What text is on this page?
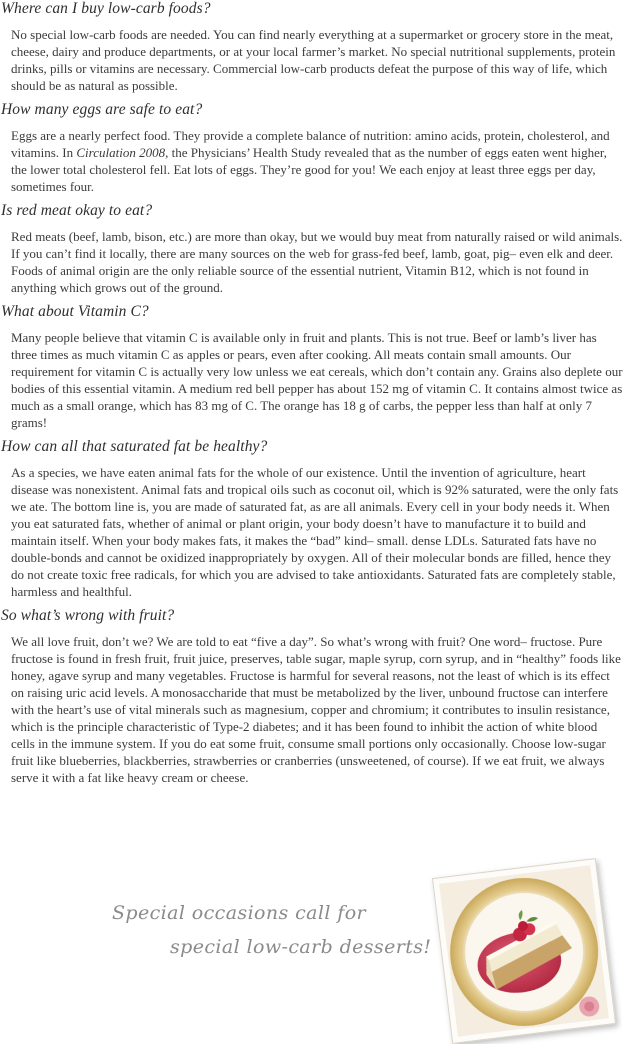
Where can I buy low-carb foods?

No special low-carb foods are needed. You can find nearly everything at a supermarket or grocery store in the meat, cheese, dairy and produce departments, or at your local farmer’s market. No special nutritional supplements, protein drinks, pills or vitamins are necessary. Commercial low-carb products defeat the purpose of this way of life, which should be as natural as possible.

How many eggs are safe to eat?

Eggs are a nearly perfect food. They provide a complete balance of nutrition: amino acids, protein, cholesterol, and vitamins. In Circulation 2008, the Physicians’ Health Study revealed that as the number of eggs eaten went higher, the lower total cholesterol fell. Eat lots of eggs. They’re good for you! We each enjoy at least three eggs per day, sometimes four.

Is red meat okay to eat?

Red meats (beef, lamb, bison, etc.) are more than okay, but we would buy meat from naturally raised or wild animals. If you can’t find it locally, there are many sources on the web for grass-fed beef, lamb, goat, pig– even elk and deer. Foods of animal origin are the only reliable source of the essential nutrient, Vitamin B12, which is not found in anything which grows out of the ground.

What about Vitamin C?

Many people believe that vitamin C is available only in fruit and plants. This is not true. Beef or lamb’s liver has three times as much vitamin C as apples or pears, even after cooking. All meats contain small amounts. Our requirement for vitamin C is actually very low unless we eat cereals, which don’t contain any. Grains also deplete our bodies of this essential vitamin. A medium red bell pepper has about 152 mg of vitamin C. It contains almost twice as much as a small orange, which has 83 mg of C. The orange has 18 g of carbs, the pepper less than half at only 7 grams!

How can all that saturated fat be healthy?

As a species, we have eaten animal fats for the whole of our existence. Until the invention of agriculture, heart disease was nonexistent. Animal fats and tropical oils such as coconut oil, which is 92% saturated, were the only fats we ate. The bottom line is, you are made of saturated fat, as are all animals. Every cell in your body needs it. When you eat saturated fats, whether of animal or plant origin, your body doesn’t have to manufacture it to build and maintain itself. When your body makes fats, it makes the “bad” kind– small. dense LDLs. Saturated fats have no double-bonds and cannot be oxidized inappropriately by oxygen. All of their molecular bonds are filled, hence they do not create toxic free radicals, for which you are advised to take antioxidants. Saturated fats are completely stable, harmless and healthful.

So what’s wrong with fruit?

We all love fruit, don’t we? We are told to eat “five a day”. So what’s wrong with fruit? One word– fructose. Pure fructose is found in fresh fruit, fruit juice, preserves, table sugar, maple syrup, corn syrup, and in “healthy” foods like honey, agave syrup and many vegetables. Fructose is harmful for several reasons, not the least of which is its effect on raising uric acid levels. A monosaccharide that must be metabolized by the liver, unbound fructose can interfere with the heart’s use of vital minerals such as magnesium, copper and chromium; it contributes to insulin resistance, which is the principle characteristic of Type-2 diabetes; and it has been found to inhibit the action of white blood cells in the immune system. If you do eat some fruit, consume small portions only occasionally. Choose low-sugar fruit like blueberries, blackberries, strawberries or cranberries (unsweetened, of course). If we eat fruit, we always serve it with a fat like heavy cream or cheese.

Special occasions call for

special low-carb desserts!
